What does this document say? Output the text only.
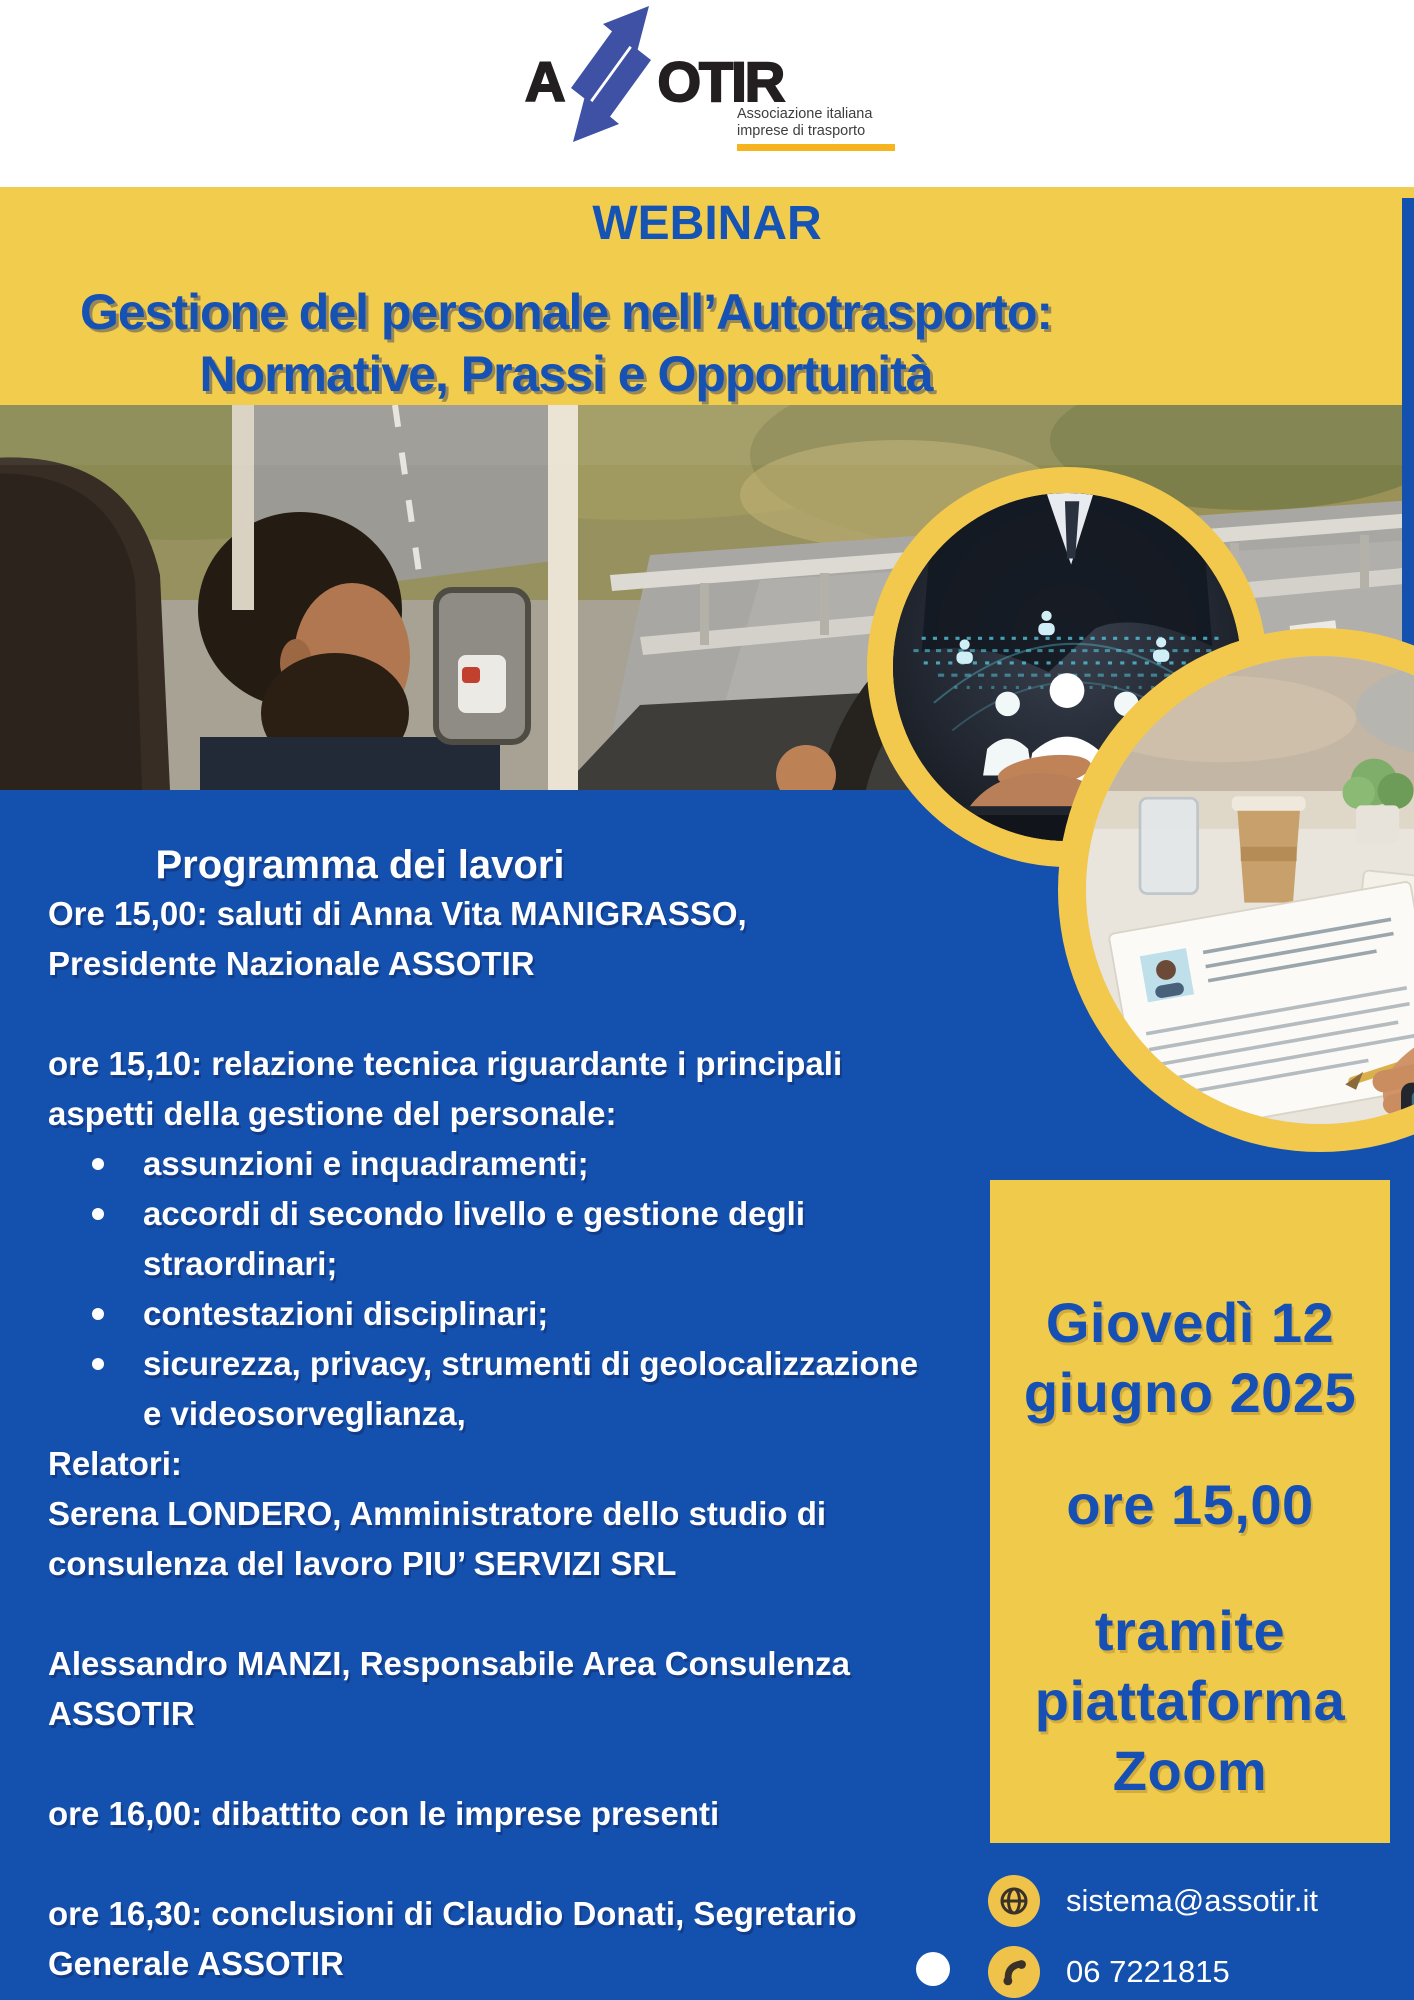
A OTIR
Associazione italiana
imprese di trasporto
WEBINAR
Gestione del personale nell’Autotrasporto:
Normative, Prassi e Opportunità
Programma dei lavori
Ore 15,00: saluti di Anna Vita MANIGRASSO,
Presidente Nazionale ASSOTIR
ore 15,10: relazione tecnica riguardante i principali
aspetti della gestione del personale:
assunzioni e inquadramenti;
accordi di secondo livello e gestione degli
straordinari;
contestazioni disciplinari;
sicurezza, privacy, strumenti di geolocalizzazione
e videosorveglianza,
Relatori:
Serena LONDERO, Amministratore dello studio di
consulenza del lavoro PIU’ SERVIZI SRL
Alessandro MANZI, Responsabile Area Consulenza
ASSOTIR
ore 16,00: dibattito con le imprese presenti
ore 16,30: conclusioni di Claudio Donati, Segretario
Generale ASSOTIR
Giovedì 12
giugno 2025
ore 15,00
tramite
piattaforma
Zoom
sistema@assotir.it
06 7221815
